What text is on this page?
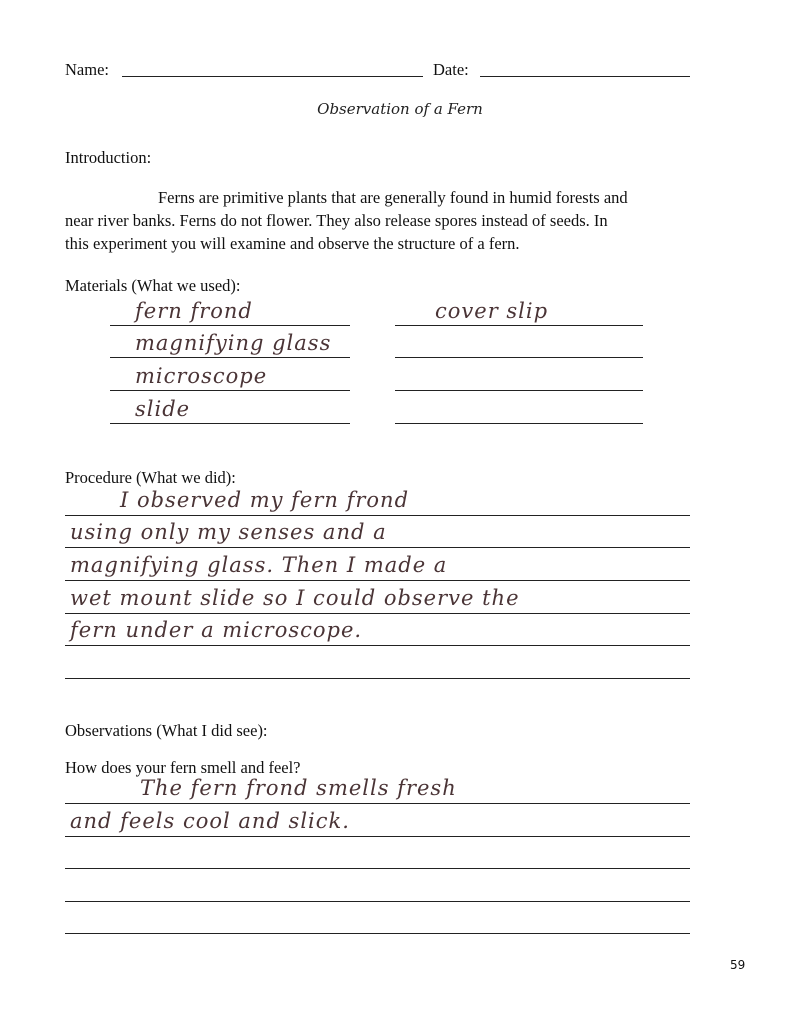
Name:	Date:
Observation of a Fern
Introduction:
Ferns are primitive plants that are generally found in humid forests and
near river banks. Ferns do not flower. They also release spores instead of seeds. In
this experiment you will examine and observe the structure of a fern.
Materials (What we used):
Procedure (What we did):
Observations (What I did see):
How does your fern smell and feel?
59
fern frond	cover slip
magnifying glass
microscope
slide
I observed my fern frond
using only my senses and a
magnifying glass. Then I made a
wet mount slide so I could observe the
fern under a microscope.
The fern frond smells fresh
and feels cool and slick.
